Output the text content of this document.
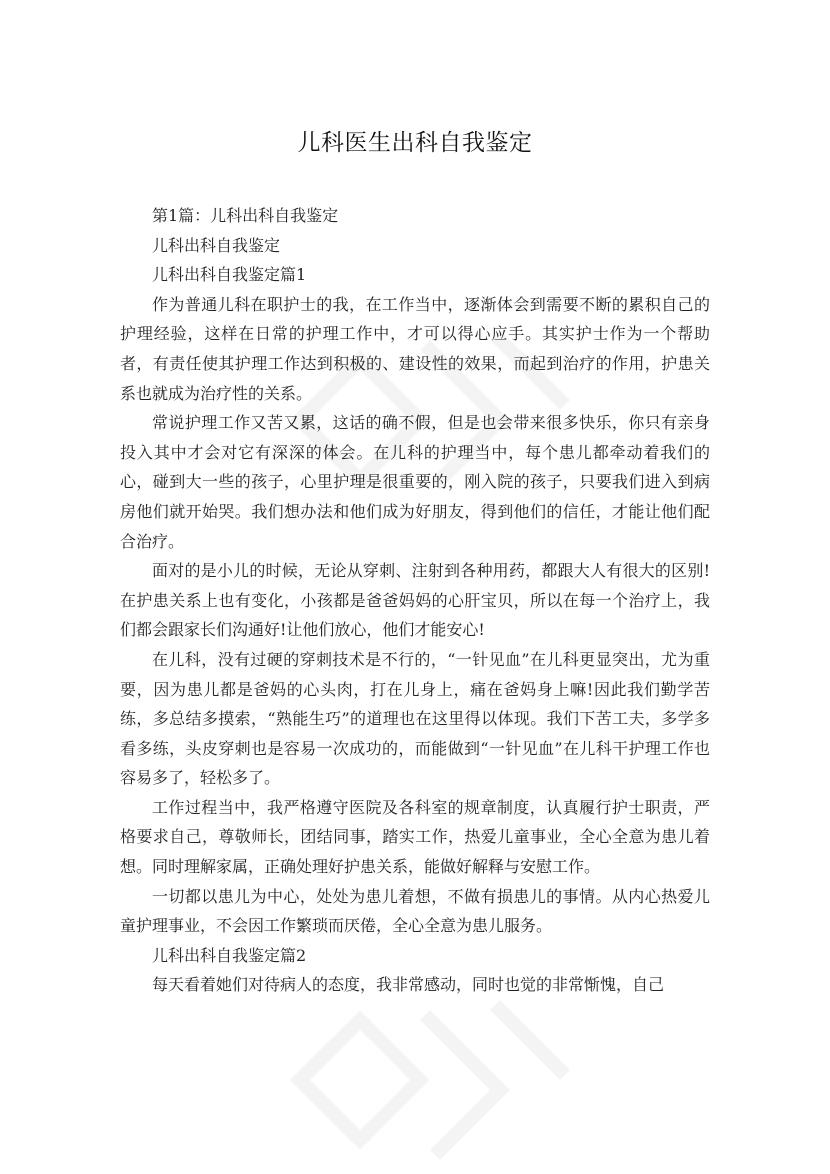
儿科医生出科自我鉴定

第1篇：儿科出科自我鉴定

儿科出科自我鉴定

儿科出科自我鉴定篇1

作为普通儿科在职护士的我，在工作当中，逐渐体会到需要不断的累积自己的护理经验，这样在日常的护理工作中，才可以得心应手。其实护士作为一个帮助者，有责任使其护理工作达到积极的、建设性的效果，而起到治疗的作用，护患关系也就成为治疗性的关系。

常说护理工作又苦又累，这话的确不假，但是也会带来很多快乐，你只有亲身投入其中才会对它有深深的体会。在儿科的护理当中，每个患儿都牵动着我们的心，碰到大一些的孩子，心里护理是很重要的，刚入院的孩子，只要我们进入到病房他们就开始哭。我们想办法和他们成为好朋友，得到他们的信任，才能让他们配合治疗。

面对的是小儿的时候，无论从穿刺、注射到各种用药，都跟大人有很大的区别!在护患关系上也有变化，小孩都是爸爸妈妈的心肝宝贝，所以在每一个治疗上，我们都会跟家长们沟通好!让他们放心，他们才能安心!

在儿科，没有过硬的穿刺技术是不行的，“一针见血”在儿科更显突出，尤为重要，因为患儿都是爸妈的心头肉，打在儿身上，痛在爸妈身上嘛!因此我们勤学苦练，多总结多摸索，“熟能生巧”的道理也在这里得以体现。我们下苦工夫，多学多看多练，头皮穿刺也是容易一次成功的，而能做到“一针见血”在儿科干护理工作也容易多了，轻松多了。

工作过程当中，我严格遵守医院及各科室的规章制度，认真履行护士职责，严格要求自己，尊敬师长，团结同事，踏实工作，热爱儿童事业，全心全意为患儿着想。同时理解家属，正确处理好护患关系，能做好解释与安慰工作。

一切都以患儿为中心，处处为患儿着想，不做有损患儿的事情。从内心热爱儿童护理事业，不会因工作繁琐而厌倦，全心全意为患儿服务。

儿科出科自我鉴定篇2

每天看着她们对待病人的态度，我非常感动，同时也觉的非常惭愧，自己
